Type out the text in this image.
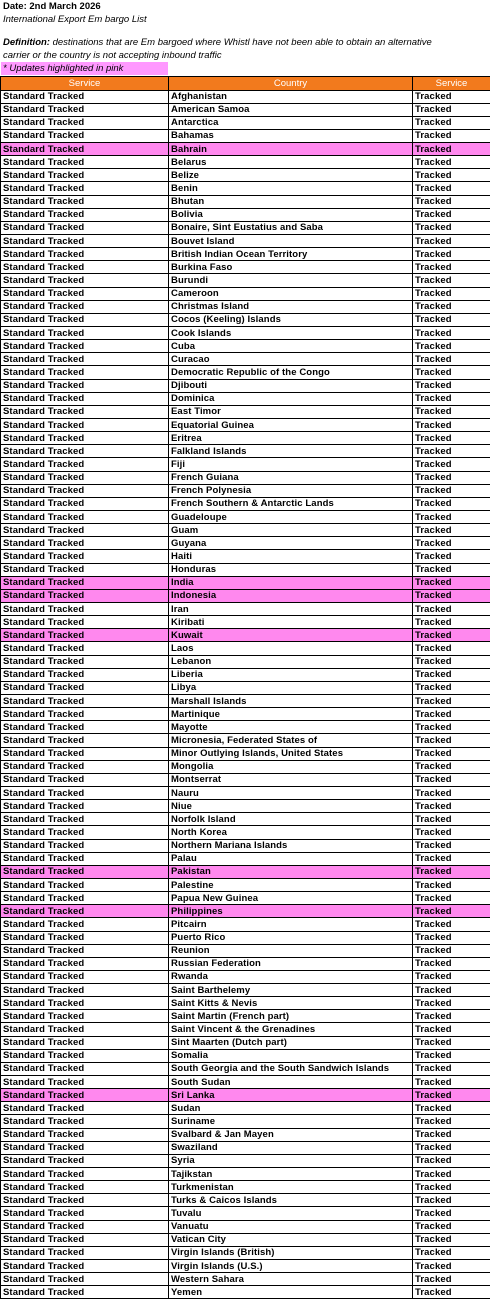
Date: 2nd March 2026
International Export Em bargo List
Definition: destinations that are Em bargoed where Whistl have not been able to obtain an alternative
carrier or the country is not accepting inbound traffic
* Updates highlighted in pink
Service	Country	Service
Standard Tracked	Afghanistan	Tracked
Standard Tracked	American Samoa	Tracked
Standard Tracked	Antarctica	Tracked
Standard Tracked	Bahamas	Tracked
Standard Tracked	Bahrain	Tracked
Standard Tracked	Belarus	Tracked
Standard Tracked	Belize	Tracked
Standard Tracked	Benin	Tracked
Standard Tracked	Bhutan	Tracked
Standard Tracked	Bolivia	Tracked
Standard Tracked	Bonaire, Sint Eustatius and Saba	Tracked
Standard Tracked	Bouvet Island	Tracked
Standard Tracked	British Indian Ocean Territory	Tracked
Standard Tracked	Burkina Faso	Tracked
Standard Tracked	Burundi	Tracked
Standard Tracked	Cameroon	Tracked
Standard Tracked	Christmas Island	Tracked
Standard Tracked	Cocos (Keeling) Islands	Tracked
Standard Tracked	Cook Islands	Tracked
Standard Tracked	Cuba	Tracked
Standard Tracked	Curacao	Tracked
Standard Tracked	Democratic Republic of the Congo	Tracked
Standard Tracked	Djibouti	Tracked
Standard Tracked	Dominica	Tracked
Standard Tracked	East Timor	Tracked
Standard Tracked	Equatorial Guinea	Tracked
Standard Tracked	Eritrea	Tracked
Standard Tracked	Falkland Islands	Tracked
Standard Tracked	Fiji	Tracked
Standard Tracked	French Guiana	Tracked
Standard Tracked	French Polynesia	Tracked
Standard Tracked	French Southern & Antarctic Lands	Tracked
Standard Tracked	Guadeloupe	Tracked
Standard Tracked	Guam	Tracked
Standard Tracked	Guyana	Tracked
Standard Tracked	Haiti	Tracked
Standard Tracked	Honduras	Tracked
Standard Tracked	India	Tracked
Standard Tracked	Indonesia	Tracked
Standard Tracked	Iran	Tracked
Standard Tracked	Kiribati	Tracked
Standard Tracked	Kuwait	Tracked
Standard Tracked	Laos	Tracked
Standard Tracked	Lebanon	Tracked
Standard Tracked	Liberia	Tracked
Standard Tracked	Libya	Tracked
Standard Tracked	Marshall Islands	Tracked
Standard Tracked	Martinique	Tracked
Standard Tracked	Mayotte	Tracked
Standard Tracked	Micronesia, Federated States of	Tracked
Standard Tracked	Minor Outlying Islands, United States	Tracked
Standard Tracked	Mongolia	Tracked
Standard Tracked	Montserrat	Tracked
Standard Tracked	Nauru	Tracked
Standard Tracked	Niue	Tracked
Standard Tracked	Norfolk Island	Tracked
Standard Tracked	North Korea	Tracked
Standard Tracked	Northern Mariana Islands	Tracked
Standard Tracked	Palau	Tracked
Standard Tracked	Pakistan	Tracked
Standard Tracked	Palestine	Tracked
Standard Tracked	Papua New Guinea	Tracked
Standard Tracked	Philippines	Tracked
Standard Tracked	Pitcairn	Tracked
Standard Tracked	Puerto Rico	Tracked
Standard Tracked	Reunion	Tracked
Standard Tracked	Russian Federation	Tracked
Standard Tracked	Rwanda	Tracked
Standard Tracked	Saint Barthelemy	Tracked
Standard Tracked	Saint Kitts & Nevis	Tracked
Standard Tracked	Saint Martin (French part)	Tracked
Standard Tracked	Saint Vincent & the Grenadines	Tracked
Standard Tracked	Sint Maarten (Dutch part)	Tracked
Standard Tracked	Somalia	Tracked
Standard Tracked	South Georgia and the South Sandwich Islands	Tracked
Standard Tracked	South Sudan	Tracked
Standard Tracked	Sri Lanka	Tracked
Standard Tracked	Sudan	Tracked
Standard Tracked	Suriname	Tracked
Standard Tracked	Svalbard & Jan Mayen	Tracked
Standard Tracked	Swaziland	Tracked
Standard Tracked	Syria	Tracked
Standard Tracked	Tajikstan	Tracked
Standard Tracked	Turkmenistan	Tracked
Standard Tracked	Turks & Caicos Islands	Tracked
Standard Tracked	Tuvalu	Tracked
Standard Tracked	Vanuatu	Tracked
Standard Tracked	Vatican City	Tracked
Standard Tracked	Virgin Islands (British)	Tracked
Standard Tracked	Virgin Islands (U.S.)	Tracked
Standard Tracked	Western Sahara	Tracked
Standard Tracked	Yemen	Tracked
